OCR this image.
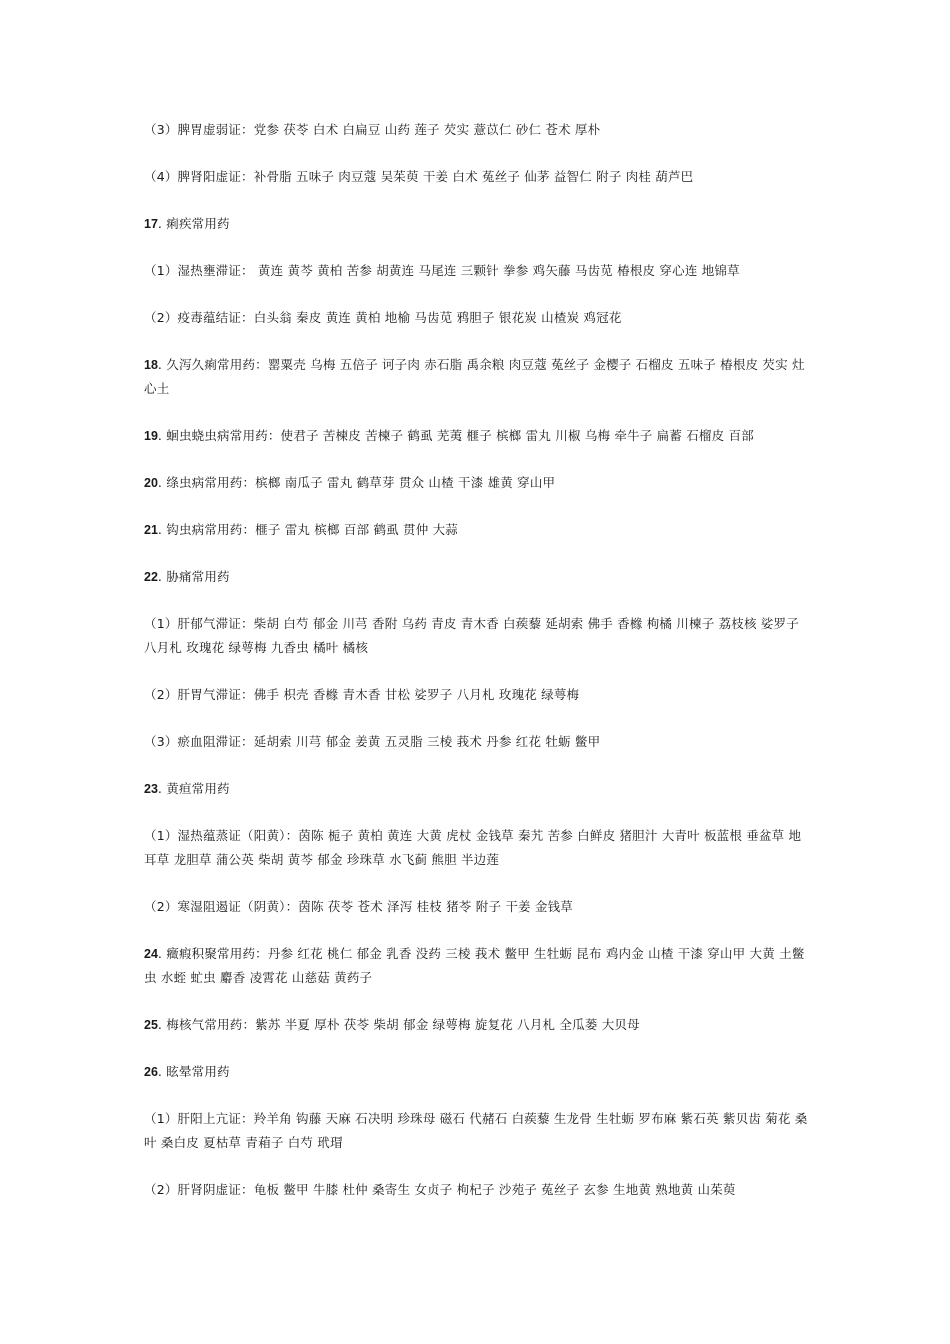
（3）脾胃虚弱证：党参 茯苓 白术 白扁豆 山药 莲子 芡实 薏苡仁 砂仁 苍术 厚朴

（4）脾肾阳虚证：补骨脂 五味子 肉豆蔻 吴茱萸 干姜 白术 菟丝子 仙茅 益智仁 附子 肉桂 葫芦巴

17. 痢疾常用药

（1）湿热壅滞证： 黄连 黄芩 黄柏 苦参 胡黄连 马尾连 三颗针 拳参 鸡矢藤 马齿苋 椿根皮 穿心连 地锦草

（2）疫毒蕴结证：白头翁 秦皮 黄连 黄柏 地榆 马齿苋 鸦胆子 银花炭 山楂炭 鸡冠花

18. 久泻久痢常用药：罂粟壳 乌梅 五倍子 诃子肉 赤石脂 禹余粮 肉豆蔻 菟丝子 金樱子 石榴皮 五味子 椿根皮 芡实 灶心土

19. 蛔虫蛲虫病常用药：使君子 苦楝皮 苦楝子 鹤虱 芜荑 榧子 槟榔 雷丸 川椒 乌梅 牵牛子 扁蓄 石榴皮 百部

20. 绦虫病常用药：槟榔 南瓜子 雷丸 鹤草芽 贯众 山楂 干漆 雄黄 穿山甲

21. 钩虫病常用药：榧子 雷丸 槟榔 百部 鹤虱 贯仲 大蒜

22. 胁痛常用药

（1）肝郁气滞证：柴胡 白芍 郁金 川芎 香附 乌药 青皮 青木香 白蒺藜 延胡索 佛手 香橼 枸橘 川楝子 荔枝核 娑罗子 八月札 玫瑰花 绿萼梅 九香虫 橘叶 橘核

（2）肝胃气滞证：佛手 枳壳 香橼 青木香 甘松 娑罗子 八月札 玫瑰花 绿萼梅

（3）瘀血阻滞证：延胡索 川芎 郁金 姜黄 五灵脂 三棱 莪术 丹参 红花 牡蛎 鳖甲

23. 黄疸常用药

（1）湿热蕴蒸证（阳黄）：茵陈 栀子 黄柏 黄连 大黄 虎杖 金钱草 秦艽 苦参 白鲜皮 猪胆汁 大青叶 板蓝根 垂盆草 地耳草 龙胆草 蒲公英 柴胡 黄芩 郁金 珍珠草 水飞蓟 熊胆 半边莲

（2）寒湿阻遏证（阴黄）：茵陈 茯苓 苍术 泽泻 桂枝 猪苓 附子 干姜 金钱草

24. 癥瘕积聚常用药：丹参 红花 桃仁 郁金 乳香 没药 三棱 莪术 鳖甲 生牡蛎 昆布 鸡内金 山楂 干漆 穿山甲 大黄 土鳖虫 水蛭 虻虫 麝香 凌霄花 山慈菇 黄药子

25. 梅核气常用药：紫苏 半夏 厚朴 茯苓 柴胡 郁金 绿萼梅 旋复花 八月札 全瓜蒌 大贝母

26. 眩晕常用药

（1）肝阳上亢证：羚羊角 钩藤 天麻 石决明 珍珠母 磁石 代赭石 白蒺藜 生龙骨 生牡蛎 罗布麻 紫石英 紫贝齿 菊花 桑叶 桑白皮 夏枯草 青葙子 白芍 玳瑁

（2）肝肾阴虚证：龟板 鳖甲 牛膝 杜仲 桑寄生 女贞子 枸杞子 沙苑子 菟丝子 玄参 生地黄 熟地黄 山茱萸
